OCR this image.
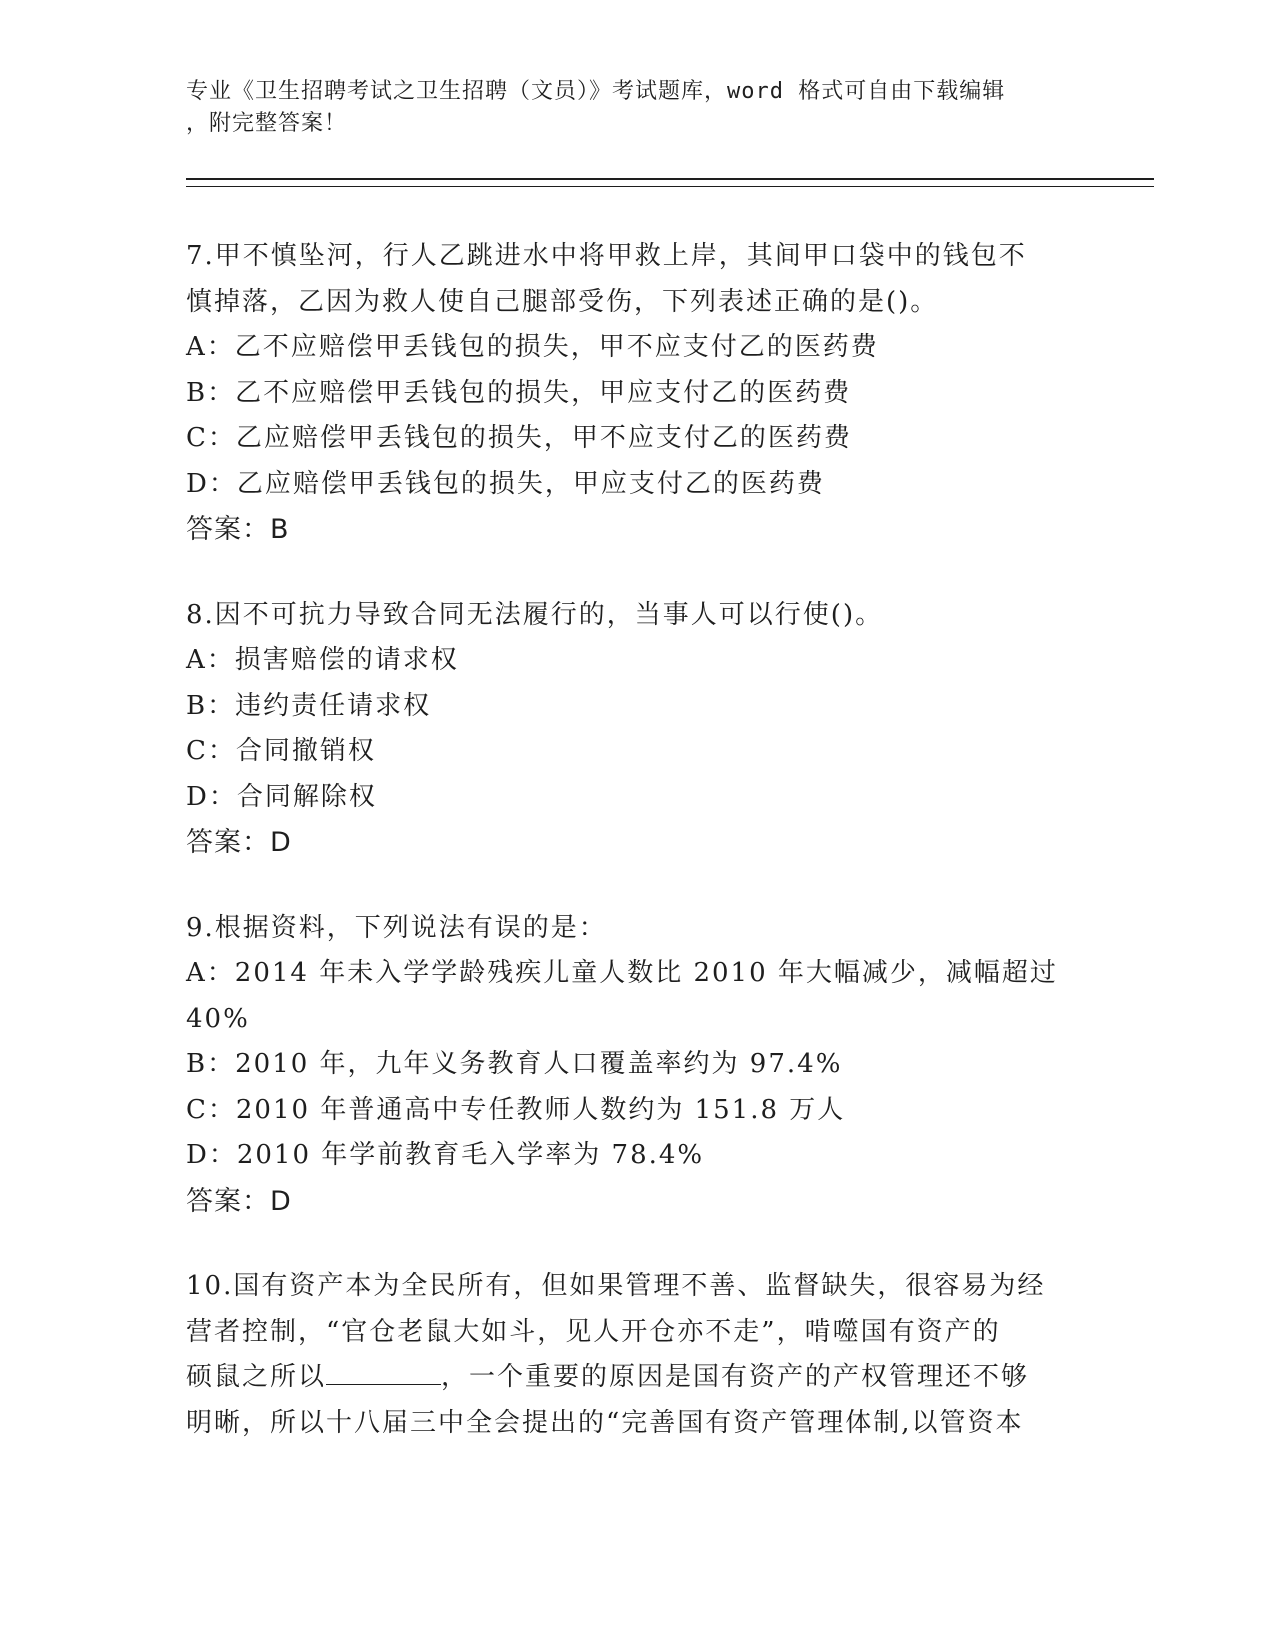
专业《卫生招聘考试之卫生招聘（文员）》考试题库，word 格式可自由下载编辑
，附完整答案！

7.甲不慎坠河，行人乙跳进水中将甲救上岸，其间甲口袋中的钱包不

慎掉落，乙因为救人使自己腿部受伤，下列表述正确的是()。

A：乙不应赔偿甲丢钱包的损失，甲不应支付乙的医药费

B：乙不应赔偿甲丢钱包的损失，甲应支付乙的医药费

C：乙应赔偿甲丢钱包的损失，甲不应支付乙的医药费

D：乙应赔偿甲丢钱包的损失，甲应支付乙的医药费

答案：B

8.因不可抗力导致合同无法履行的，当事人可以行使()。

A：损害赔偿的请求权

B：违约责任请求权

C：合同撤销权

D：合同解除权

答案：D

9.根据资料，下列说法有误的是：

A：2014 年未入学学龄残疾儿童人数比 2010 年大幅减少，减幅超过

40%

B：2010 年，九年义务教育人口覆盖率约为 97.4%

C：2010 年普通高中专任教师人数约为 151.8 万人

D：2010 年学前教育毛入学率为 78.4%

答案：D

10.国有资产本为全民所有，但如果管理不善、监督缺失，很容易为经

营者控制，“官仓老鼠大如斗，见人开仓亦不走”，啃噬国有资产的

硕鼠之所以	，一个重要的原因是国有资产的产权管理还不够

明晰，所以十八届三中全会提出的“完善国有资产管理体制,以管资本
